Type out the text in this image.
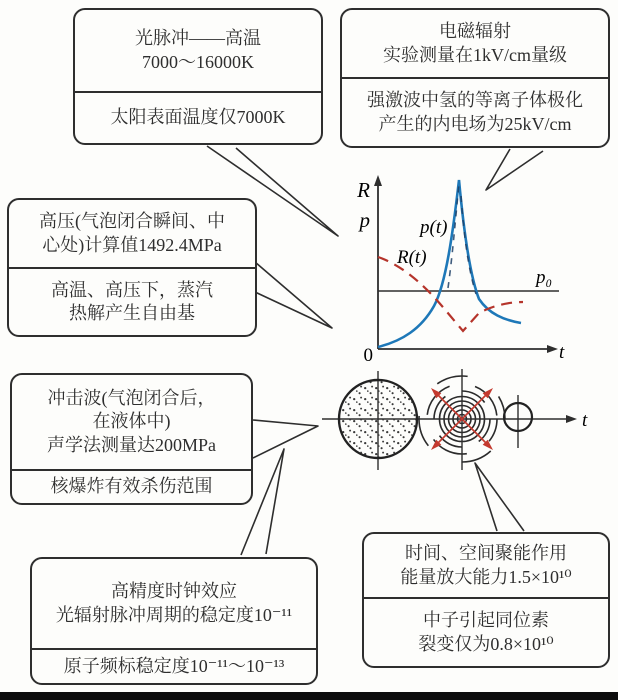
R
p
0	t
p₀
p(t)
R(t)
t
光脉冲——高温
7000～16000K
太阳表面温度仅7000K
电磁辐射
实验测量在1kV/cm量级
强激波中氢的等离子体极化
产生的内电场为25kV/cm
高压(气泡闭合瞬间、中
心处)计算值1492.4MPa
高温、高压下，蒸汽
热解产生自由基
冲击波(气泡闭合后，
在液体中)
声学法测量达200MPa
核爆炸有效杀伤范围
高精度时钟效应
光辐射脉冲周期的稳定度10⁻¹¹
原子频标稳定度10⁻¹¹～10⁻¹³
时间、空间聚能作用
能量放大能力1.5×10¹⁰
中子引起同位素
裂变仅为0.8×10¹⁰
